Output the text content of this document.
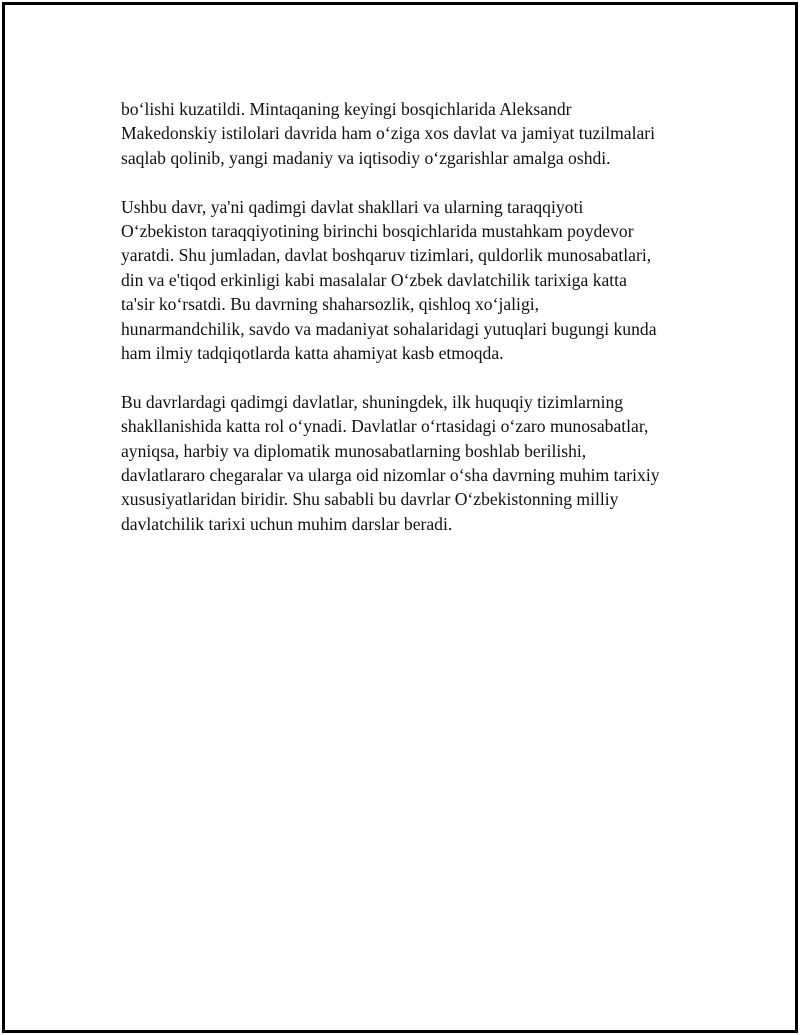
boʻlishi kuzatildi. Mintaqaning keyingi bosqichlarida Aleksandr
Makedonskiy istilolari davrida ham oʻziga xos davlat va jamiyat tuzilmalari
saqlab qolinib, yangi madaniy va iqtisodiy oʻzgarishlar amalga oshdi.

Ushbu davr, ya'ni qadimgi davlat shakllari va ularning taraqqiyoti
Oʻzbekiston taraqqiyotining birinchi bosqichlarida mustahkam poydevor
yaratdi. Shu jumladan, davlat boshqaruv tizimlari, quldorlik munosabatlari,
din va e'tiqod erkinligi kabi masalalar Oʻzbek davlatchilik tarixiga katta
ta'sir koʻrsatdi. Bu davrning shaharsozlik, qishloq xoʻjaligi,
hunarmandchilik, savdo va madaniyat sohalaridagi yutuqlari bugungi kunda
ham ilmiy tadqiqotlarda katta ahamiyat kasb etmoqda.

Bu davrlardagi qadimgi davlatlar, shuningdek, ilk huquqiy tizimlarning
shakllanishida katta rol oʻynadi. Davlatlar oʻrtasidagi oʻzaro munosabatlar,
ayniqsa, harbiy va diplomatik munosabatlarning boshlab berilishi,
davlatlararo chegaralar va ularga oid nizomlar oʻsha davrning muhim tarixiy
xususiyatlaridan biridir. Shu sababli bu davrlar Oʻzbekistonning milliy
davlatchilik tarixi uchun muhim darslar beradi.
